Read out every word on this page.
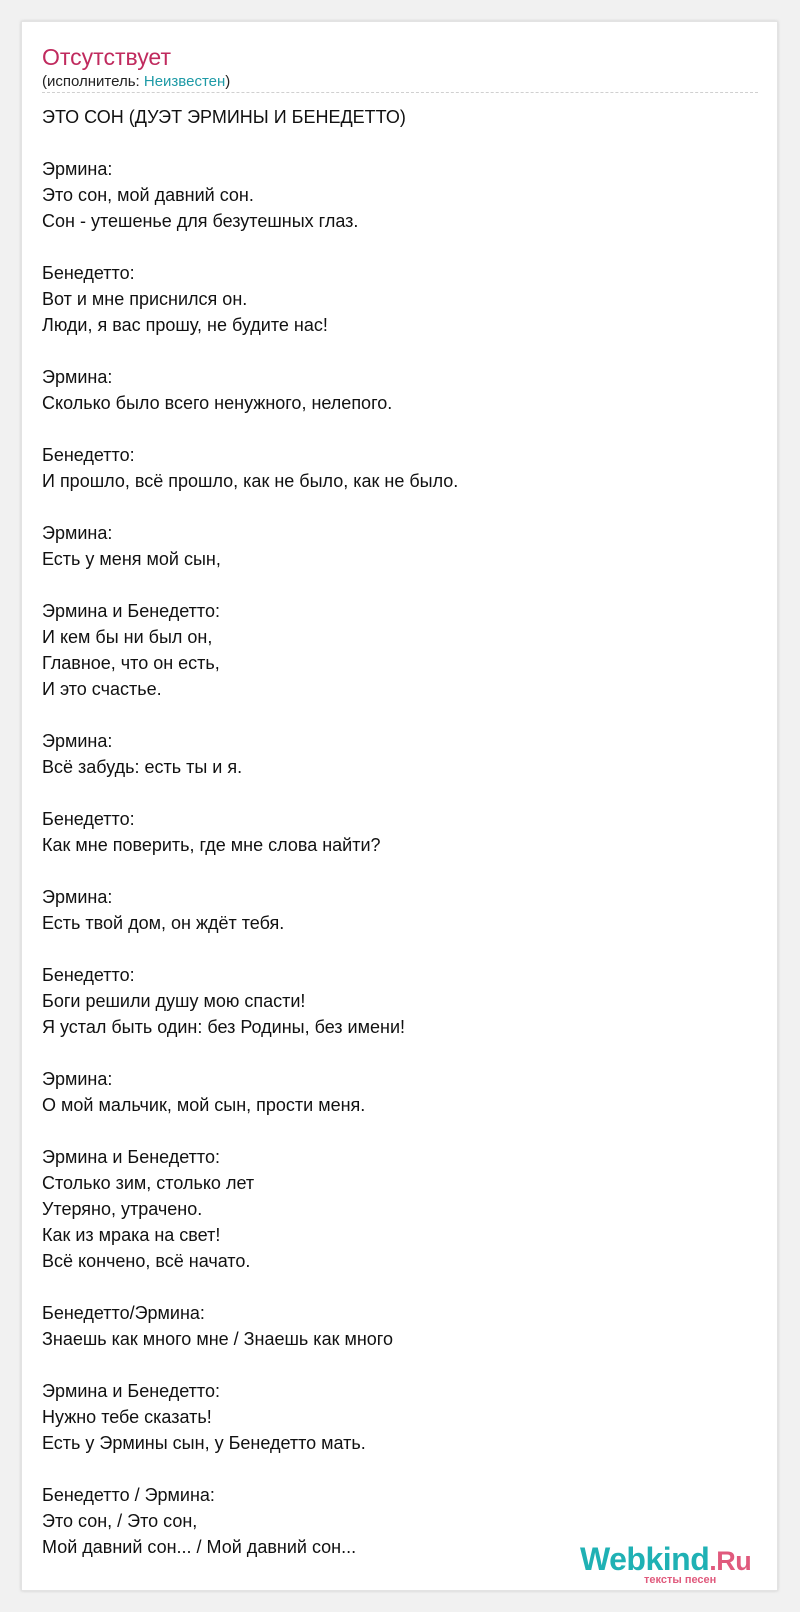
Отсутствует
(исполнитель: Неизвестен)
ЭТО СОН (ДУЭТ ЭРМИНЫ И БЕНЕДЕТТО)
Эрмина:
Это сон, мой давний сон.
Сон - утешенье для безутешных глаз.
Бенедетто:
Вот и мне приснился он.
Люди, я вас прошу, не будите нас!
Эрмина:
Сколько было всего ненужного, нелепого.
Бенедетто:
И прошло, всё прошло, как не было, как не было.
Эрмина:
Есть у меня мой сын,
Эрмина и Бенедетто:
И кем бы ни был он,
Главное, что он есть,
И это счастье.
Эрмина:
Всё забудь: есть ты и я.
Бенедетто:
Как мне поверить, где мне слова найти?
Эрмина:
Есть твой дом, он ждёт тебя.
Бенедетто:
Боги решили душу мою спасти!
Я устал быть один: без Родины, без имени!
Эрмина:
О мой мальчик, мой сын, прости меня.
Эрмина и Бенедетто:
Столько зим, столько лет
Утеряно, утрачено.
Как из мрака на свет!
Всё кончено, всё начато.
Бенедетто/Эрмина:
Знаешь как много мне / Знаешь как много
Эрмина и Бенедетто:
Нужно тебе сказать!
Есть у Эрмины сын, у Бенедетто мать.
Бенедетто / Эрмина:
Это сон, / Это сон,
Мой давний сон... / Мой давний сон...	Webkind.Ru
тексты песен
